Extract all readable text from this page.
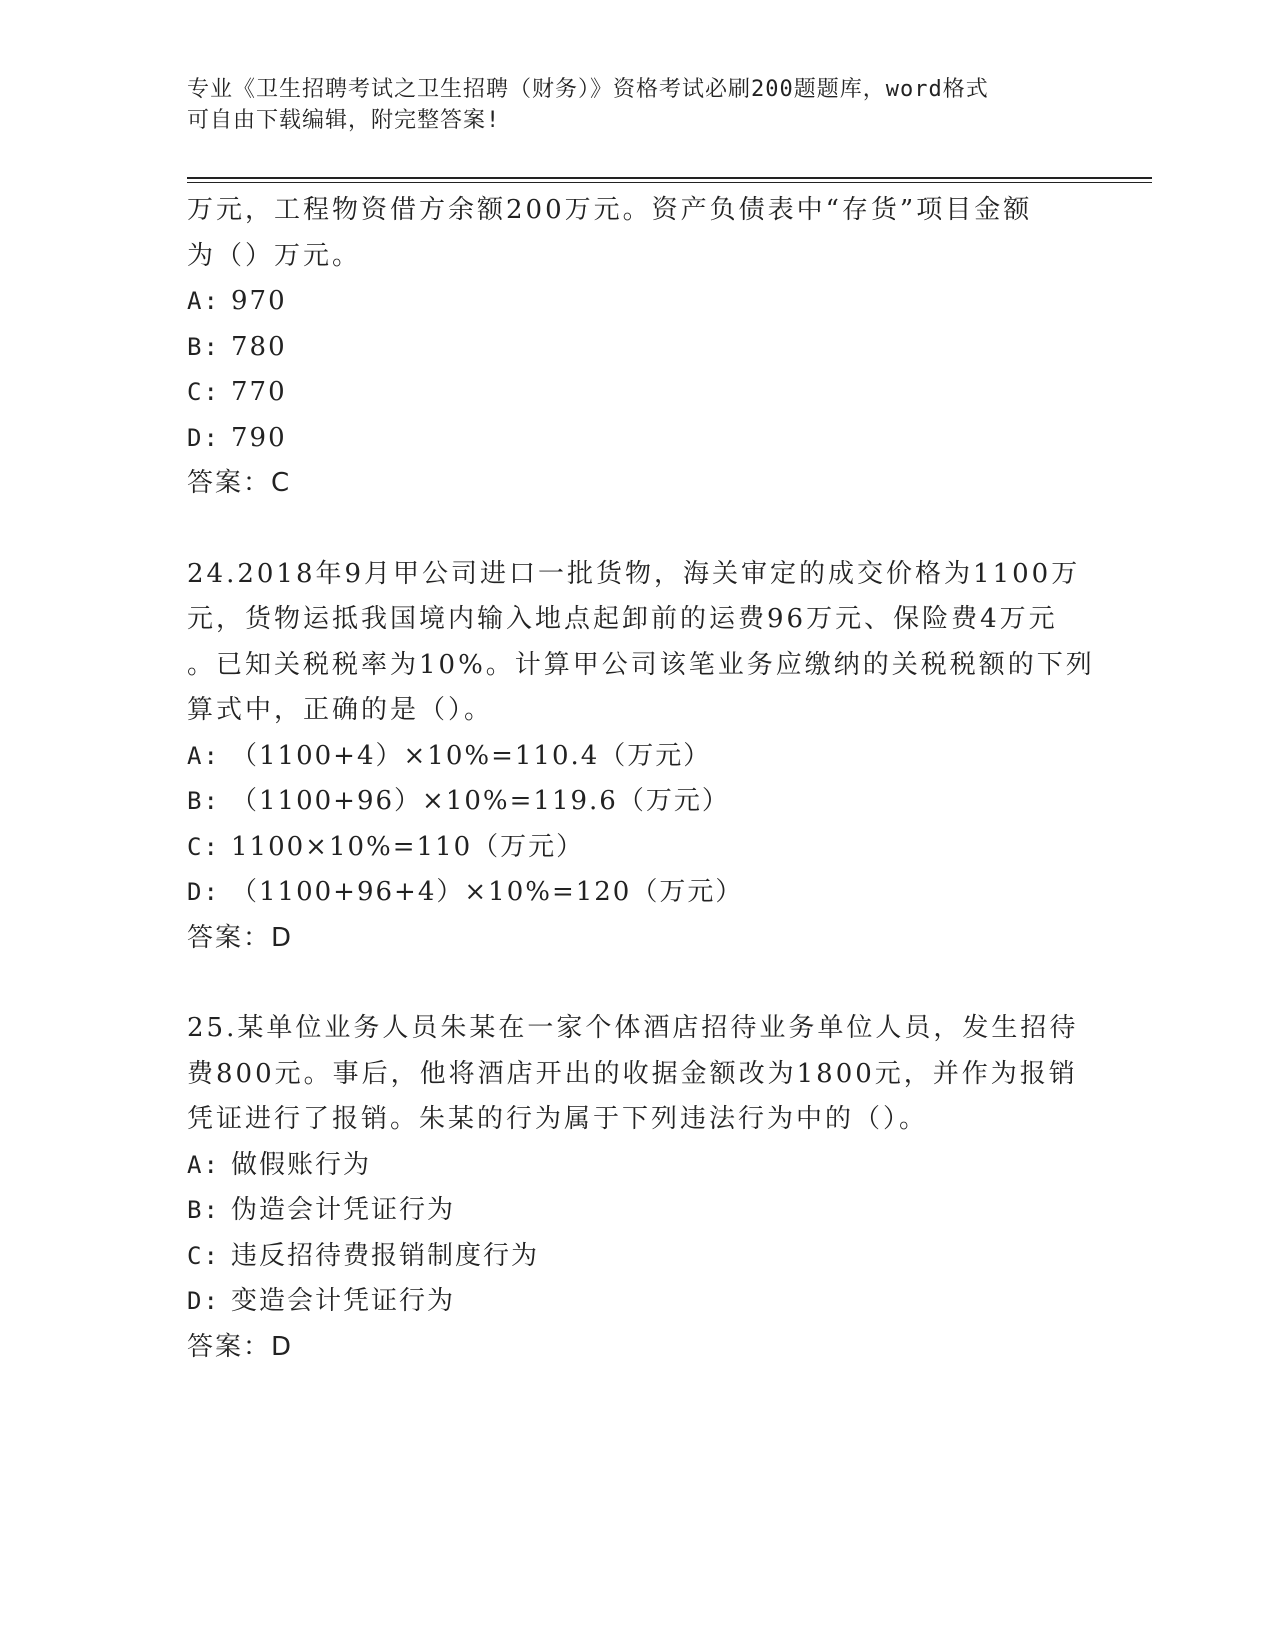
专业《卫生招聘考试之卫生招聘（财务）》资格考试必刷200题题库，word格式
可自由下载编辑，附完整答案!
万元，工程物资借方余额200万元。资产负债表中“存货”项目金额
为（）万元。
A: 970
B: 780
C: 770
D: 790
答案：C
24.2018年9月甲公司进口一批货物，海关审定的成交价格为1100万
元，货物运抵我国境内输入地点起卸前的运费96万元、保险费4万元
。已知关税税率为10%。计算甲公司该笔业务应缴纳的关税税额的下列
算式中，正确的是（）。
A: （1100+4）×10%=110.4（万元）
B: （1100+96）×10%=119.6（万元）
C: 1100×10%=110（万元）
D: （1100+96+4）×10%=120（万元）
答案：D
25.某单位业务人员朱某在一家个体酒店招待业务单位人员，发生招待
费800元。事后，他将酒店开出的收据金额改为1800元，并作为报销
凭证进行了报销。朱某的行为属于下列违法行为中的（）。
A: 做假账行为
B: 伪造会计凭证行为
C: 违反招待费报销制度行为
D: 变造会计凭证行为
答案：D
